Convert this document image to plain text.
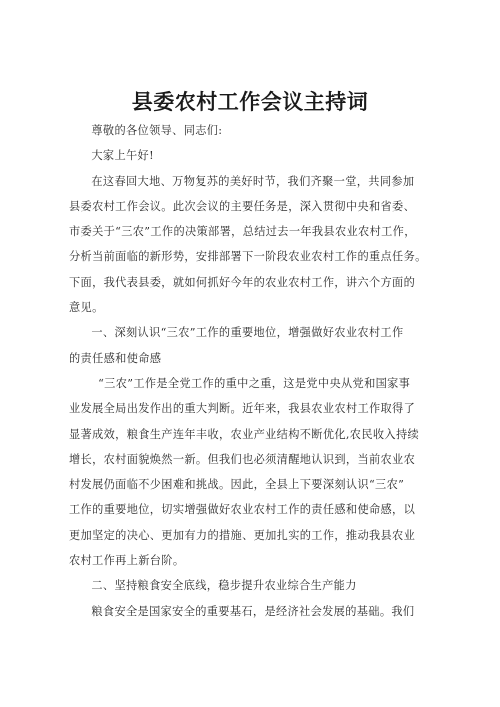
县委农村工作会议主持词

尊敬的各位领导、同志们:

大家上午好!

在这春回大地、万物复苏的美好时节，我们齐聚一堂，共同参加
县委农村工作会议。此次会议的主要任务是，深入贯彻中央和省委、
市委关于“三农”工作的决策部署，总结过去一年我县农业农村工作，
分析当前面临的新形势，安排部署下一阶段农业农村工作的重点任务。
下面，我代表县委，就如何抓好今年的农业农村工作，讲六个方面的
意见。

一、深刻认识“三农”工作的重要地位，增强做好农业农村工作
的责任感和使命感

“三农”工作是全党工作的重中之重，这是党中央从党和国家事
业发展全局出发作出的重大判断。近年来，我县农业农村工作取得了
显著成效，粮食生产连年丰收，农业产业结构不断优化,农民收入持续
增长，农村面貌焕然一新。但我们也必须清醒地认识到，当前农业农
村发展仍面临不少困难和挑战。因此，全县上下要深刻认识“三农”
工作的重要地位，切实增强做好农业农村工作的责任感和使命感，以
更加坚定的决心、更加有力的措施、更加扎实的工作，推动我县农业
农村工作再上新台阶。

二、坚持粮食安全底线，稳步提升农业综合生产能力

粮食安全是国家安全的重要基石，是经济社会发展的基础。我们
